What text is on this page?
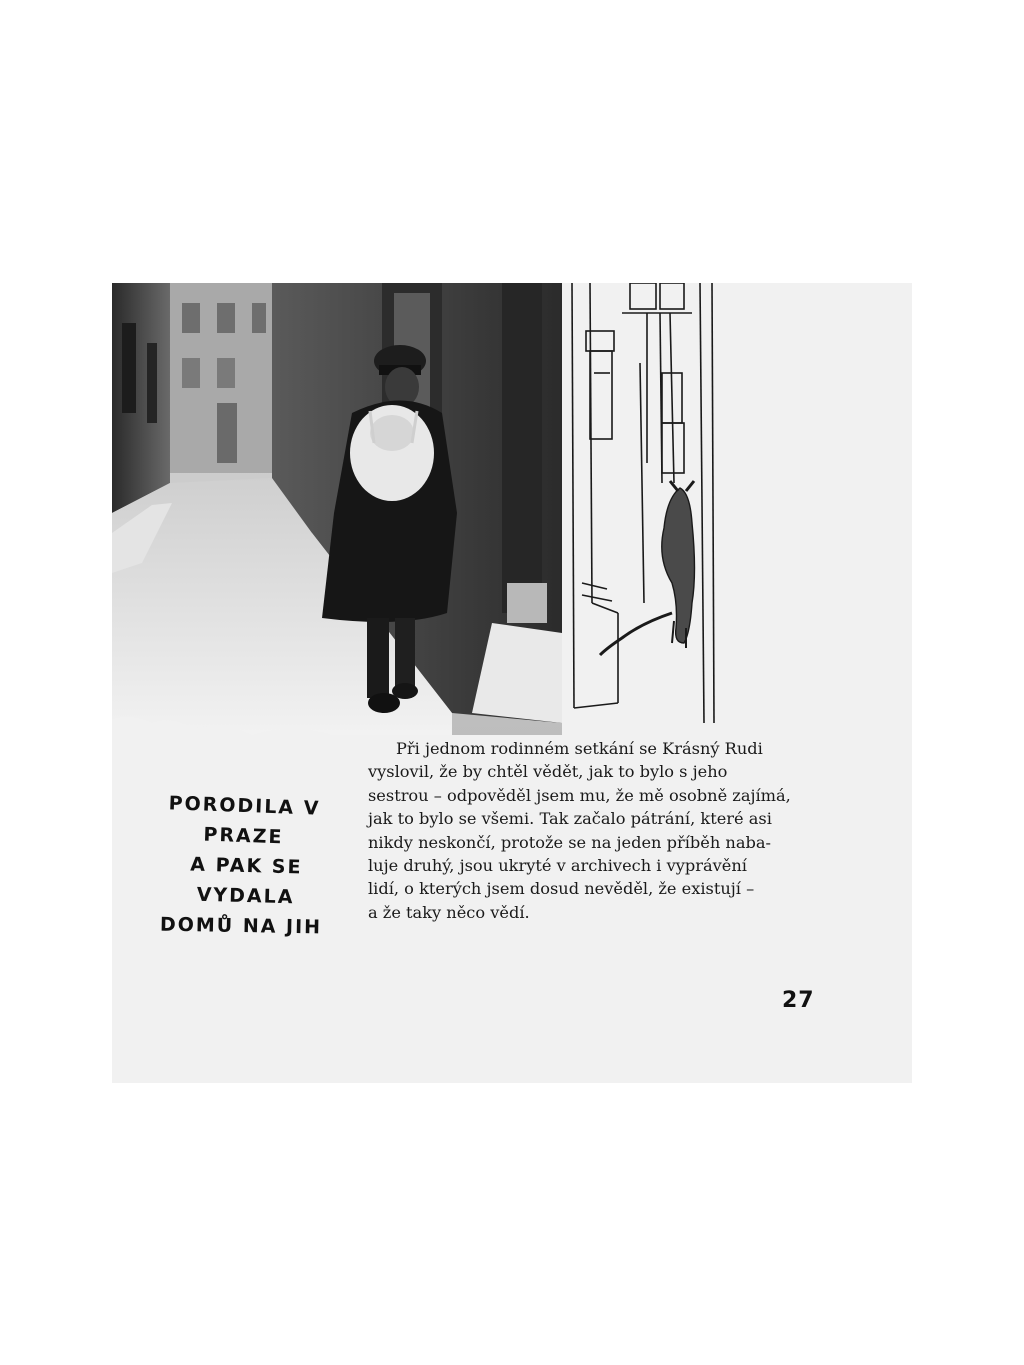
PORODILA V PRAZE
A PAK SE VYDALA
DOMŮ NA JIH
Při jednom rodinném setkání se Krásný Rudi
vyslovil, že by chtěl vědět, jak to bylo s jeho
sestrou – odpověděl jsem mu, že mě osobně zajímá,
jak to bylo se všemi. Tak začalo pátrání, které asi
nikdy neskončí, protože se na jeden příběh naba-
luje druhý, jsou ukryté v archivech i vyprávění
lidí, o kterých jsem dosud nevěděl, že existují –
a že taky něco vědí.
27
